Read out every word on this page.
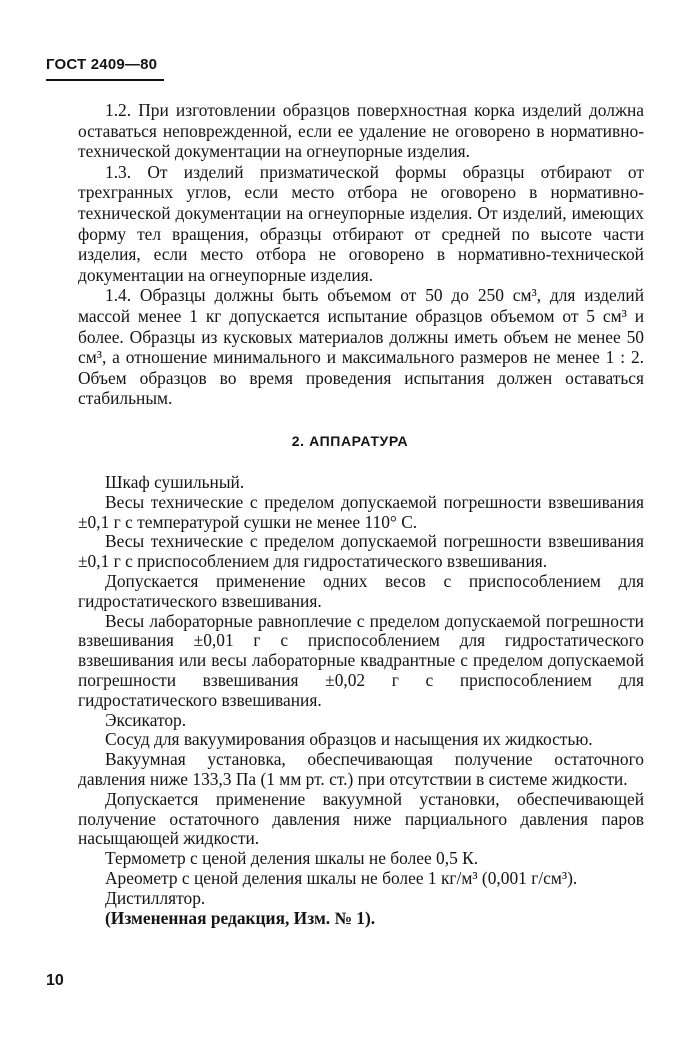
ГОСТ 2409—80

1.2. При изготовлении образцов поверхностная корка изделий должна оставаться неповрежденной, если ее удаление не оговорено в нормативно-технической документации на огнеупорные изделия.

1.3. От изделий призматической формы образцы отбирают от трехгранных углов, если место отбора не оговорено в нормативно-технической документации на огнеупорные изделия. От изделий, имеющих форму тел вращения, образцы отбирают от средней по высоте части изделия, если место отбора не оговорено в нормативно-технической документации на огнеупорные изделия.

1.4. Образцы должны быть объемом от 50 до 250 см³, для изделий массой менее 1 кг допускается испытание образцов объемом от 5 см³ и более. Образцы из кусковых материалов должны иметь объем не менее 50 см³, а отношение минимального и максимального размеров не менее 1 : 2. Объем образцов во время проведения испытания должен оставаться стабильным.

2. АППАРАТУРА

Шкаф сушильный.

Весы технические с пределом допускаемой погрешности взвешивания ±0,1 г с температурой сушки не менее 110° С.

Весы технические с пределом допускаемой погрешности взвешивания ±0,1 г с приспособлением для гидростатического взвешивания.

Допускается применение одних весов с приспособлением для гидростатического взвешивания.

Весы лабораторные равноплечие с пределом допускаемой погрешности взвешивания ±0,01 г с приспособлением для гидростатического взвешивания или весы лабораторные квадрантные с пределом допускаемой погрешности взвешивания ±0,02 г с приспособлением для гидростатического взвешивания.

Эксикатор.

Сосуд для вакуумирования образцов и насыщения их жидкостью.

Вакуумная установка, обеспечивающая получение остаточного давления ниже 133,3 Па (1 мм рт. ст.) при отсутствии в системе жидкости.

Допускается применение вакуумной установки, обеспечивающей получение остаточного давления ниже парциального давления паров насыщающей жидкости.

Термометр с ценой деления шкалы не более 0,5 К.

Ареометр с ценой деления шкалы не более 1 кг/м³ (0,001 г/см³).

Дистиллятор.

(Измененная редакция, Изм. № 1).

10
